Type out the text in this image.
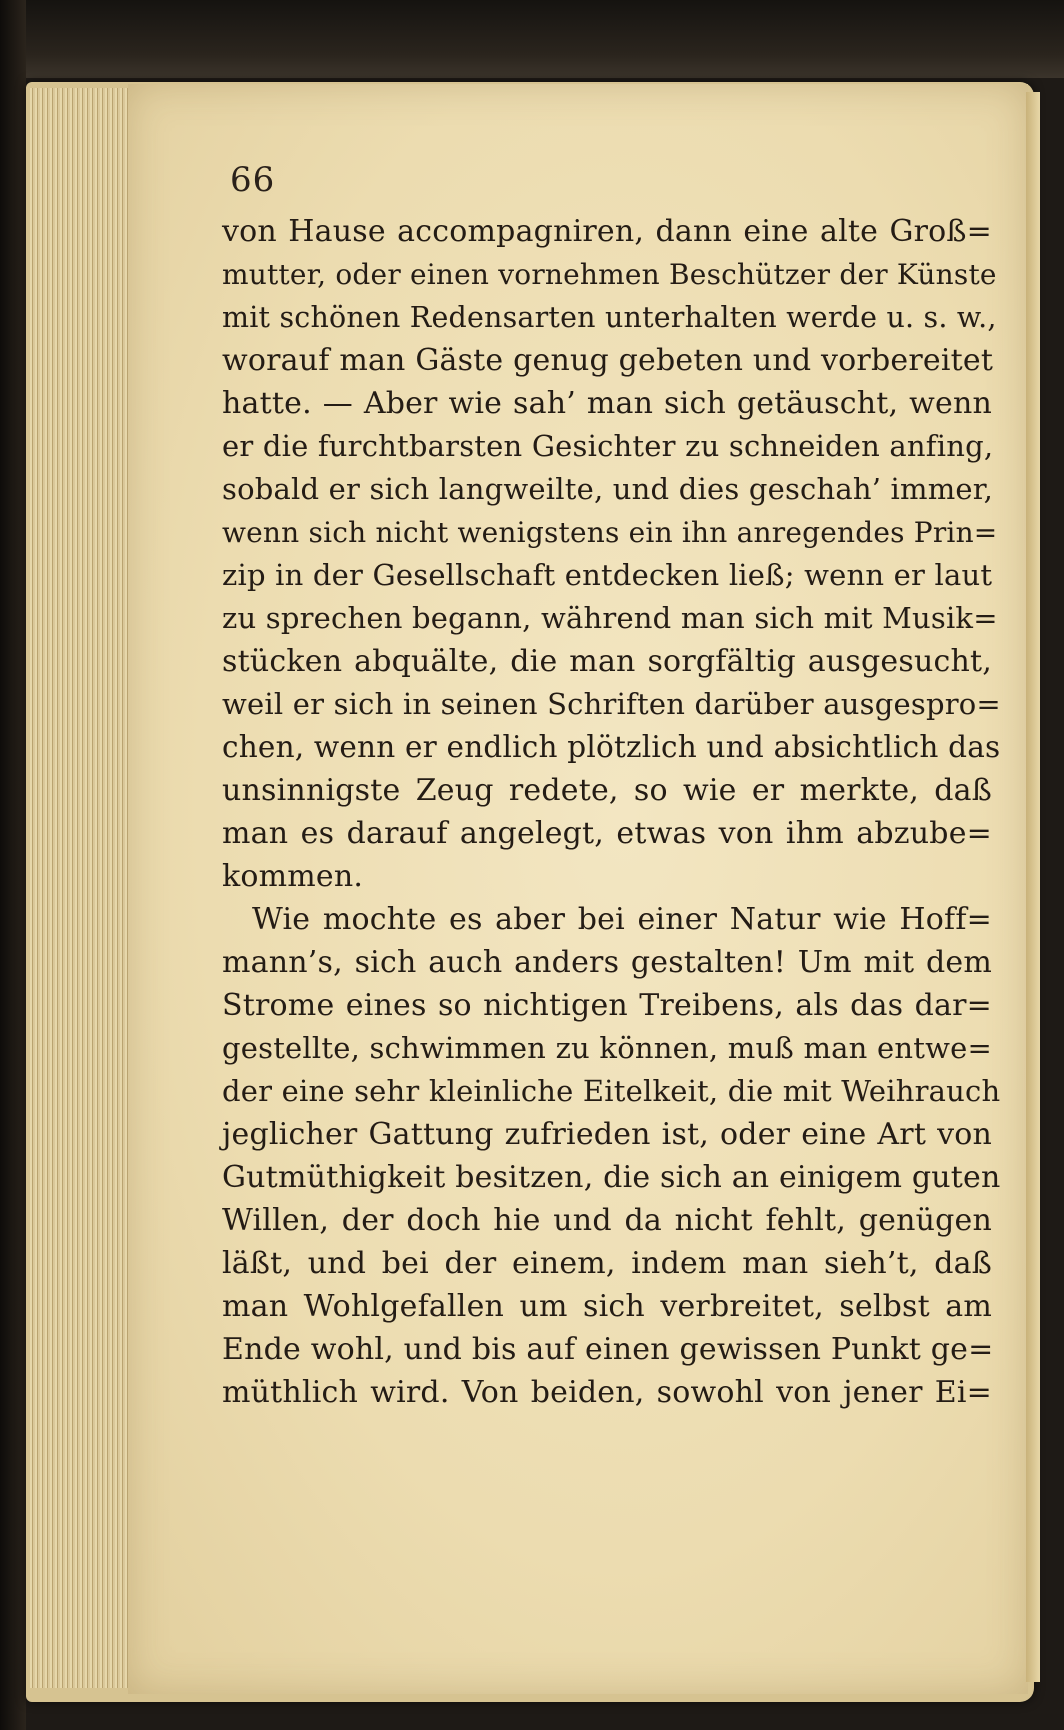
66
von Hause accompagniren, dann eine alte Groß=
mutter, oder einen vornehmen Beschützer der Künste
mit schönen Redensarten unterhalten werde u. s. w.,
worauf man Gäste genug gebeten und vorbereitet
hatte. — Aber wie sah’ man sich getäuscht, wenn
er die furchtbarsten Gesichter zu schneiden anfing,
sobald er sich langweilte, und dies geschah’ immer,
wenn sich nicht wenigstens ein ihn anregendes Prin=
zip in der Gesellschaft entdecken ließ; wenn er laut
zu sprechen begann, während man sich mit Musik=
stücken abquälte, die man sorgfältig ausgesucht,
weil er sich in seinen Schriften darüber ausgespro=
chen, wenn er endlich plötzlich und absichtlich das
unsinnigste Zeug redete, so wie er merkte, daß
man es darauf angelegt, etwas von ihm abzube=
kommen.
Wie mochte es aber bei einer Natur wie Hoff=
mann’s, sich auch anders gestalten! Um mit dem
Strome eines so nichtigen Treibens, als das dar=
gestellte, schwimmen zu können, muß man entwe=
der eine sehr kleinliche Eitelkeit, die mit Weihrauch
jeglicher Gattung zufrieden ist, oder eine Art von
Gutmüthigkeit besitzen, die sich an einigem guten
Willen, der doch hie und da nicht fehlt, genügen
läßt, und bei der einem, indem man sieh’t, daß
man Wohlgefallen um sich verbreitet, selbst am
Ende wohl, und bis auf einen gewissen Punkt ge=
müthlich wird. Von beiden, sowohl von jener Ei=
